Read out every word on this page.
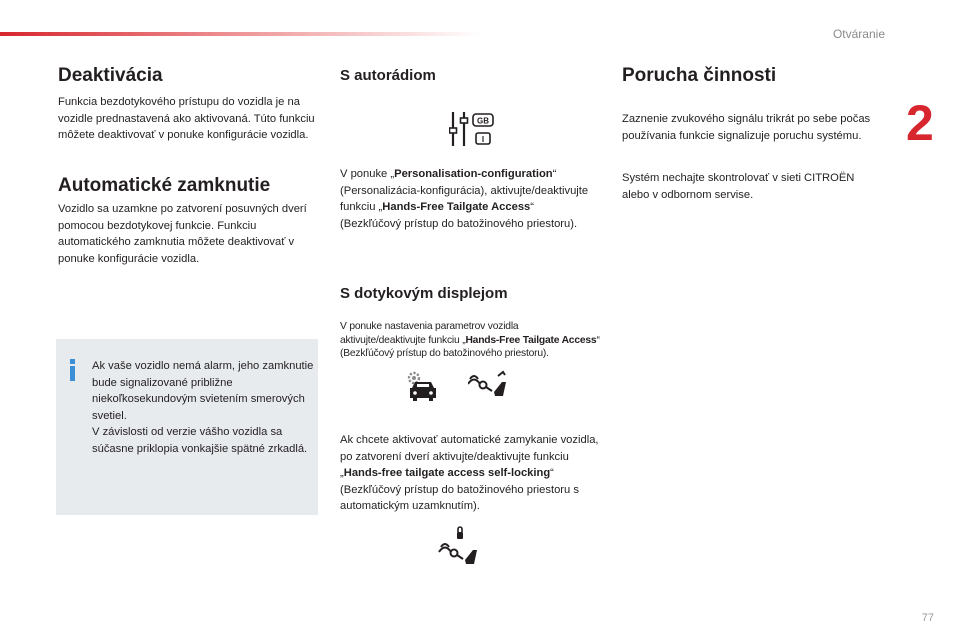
Otváranie
2
77
Deaktivácia

Funkcia bezdotykového prístupu do vozidla je na vozidle prednastavená ako aktivovaná. Túto funkciu môžete deaktivovať v ponuke konfigurácie vozidla.

Automatické zamknutie

Vozidlo sa uzamkne po zatvorení posuvných dverí pomocou bezdotykovej funkcie. Funkciu automatického zamknutia môžete deaktivovať v ponuke konfigurácie vozidla.

Ak vaše vozidlo nemá alarm, jeho zamknutie bude signalizované približne niekoľkosekundovým svietením smerových svetiel.

V závislosti od verzie vášho vozidla sa súčasne priklopia vonkajšie spätné zrkadlá.

S autorádiom
GB
I

V ponuke „Personalisation-configuration“ (Personalizácia-konfigurácia), aktivujte/deaktivujte funkciu „Hands-Free Tailgate Access“ (Bezkľúčový prístup do batožinového priestoru).

S dotykovým displejom

V ponuke nastavenia parametrov vozidla aktivujte/deaktivujte funkciu „Hands-Free Tailgate Access“ (Bezkľúčový prístup do batožinového priestoru).

Ak chcete aktivovať automatické zamykanie vozidla, po zatvorení dverí aktivujte/deaktivujte funkciu „Hands-free tailgate access self-locking“ (Bezkľúčový prístup do batožinového priestoru s automatickým uzamknutím).

Porucha činnosti

Zaznenie zvukového signálu trikrát po sebe počas používania funkcie signalizuje poruchu systému.

Systém nechajte skontrolovať v sieti CITROËN alebo v odbornom servise.
